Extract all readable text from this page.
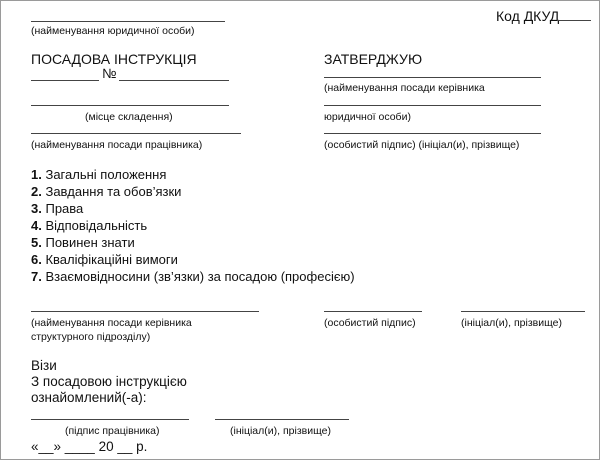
(найменування юридичної особи)
Код ДКУД
ПОСАДОВА ІНСТРУКЦІЯ
№
(місце складення)
(найменування посади працівника)
ЗАТВЕРДЖУЮ
(найменування посади керівника
юридичної особи)
(особистий підпис) (ініціал(и), прізвище)
1. Загальні положення
2. Завдання та обов’язки
3. Права
4. Відповідальність
5. Повинен знати
6. Кваліфікаційні вимоги
7. Взаємовідносини (зв’язки) за посадою (професією)
(найменування посади керівника
структурного підрозділу)
(особистий підпис)	(ініціал(и), прізвище)
Візи
З посадовою інструкцією
ознайомлений(-а):
(підпис працівника)	(ініціал(и), прізвище)
«__» ____ 20 __ р.
